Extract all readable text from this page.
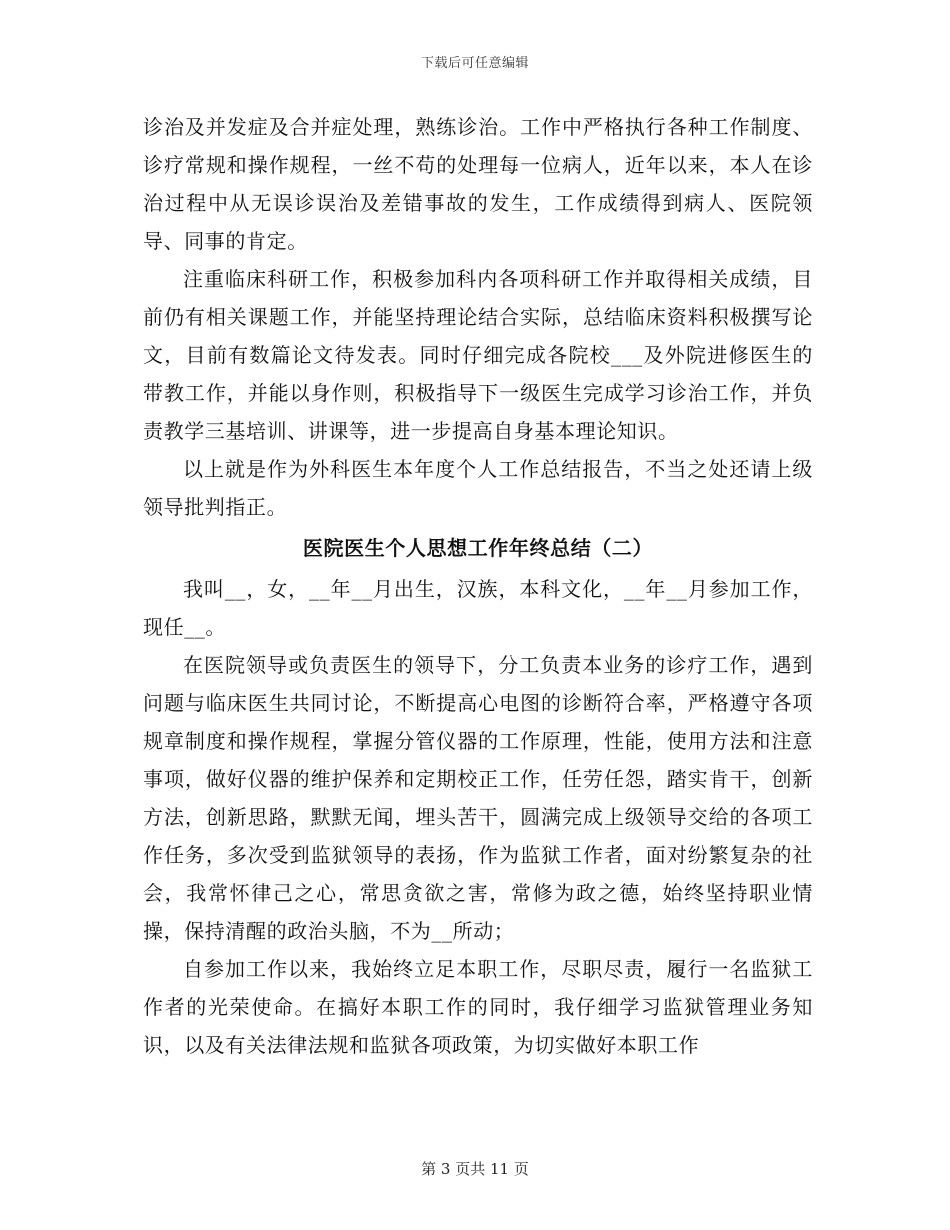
下载后可任意编辑

诊治及并发症及合并症处理，熟练诊治。工作中严格执行各种工作制度、诊疗常规和操作规程，一丝不苟的处理每一位病人，近年以来，本人在诊治过程中从无误诊误治及差错事故的发生，工作成绩得到病人、医院领导、同事的肯定。

注重临床科研工作，积极参加科内各项科研工作并取得相关成绩，目前仍有相关课题工作，并能坚持理论结合实际，总结临床资料积极撰写论文，目前有数篇论文待发表。同时仔细完成各院校___及外院进修医生的带教工作，并能以身作则，积极指导下一级医生完成学习诊治工作，并负责教学三基培训、讲课等，进一步提高自身基本理论知识。

以上就是作为外科医生本年度个人工作总结报告，不当之处还请上级领导批判指正。

医院医生个人思想工作年终总结（二）

我叫__，女，__年__月出生，汉族，本科文化，__年__月参加工作，现任__。

在医院领导或负责医生的领导下，分工负责本业务的诊疗工作，遇到问题与临床医生共同讨论，不断提高心电图的诊断符合率，严格遵守各项规章制度和操作规程，掌握分管仪器的工作原理，性能，使用方法和注意事项，做好仪器的维护保养和定期校正工作，任劳任怨，踏实肯干，创新方法，创新思路，默默无闻，埋头苦干，圆满完成上级领导交给的各项工作任务，多次受到监狱领导的表扬，作为监狱工作者，面对纷繁复杂的社会，我常怀律己之心，常思贪欲之害，常修为政之德，始终坚持职业情操，保持清醒的政治头脑，不为__所动；

自参加工作以来，我始终立足本职工作，尽职尽责，履行一名监狱工作者的光荣使命。在搞好本职工作的同时，我仔细学习监狱管理业务知识，以及有关法律法规和监狱各项政策，为切实做好本职工作

第 3 页共 11 页
